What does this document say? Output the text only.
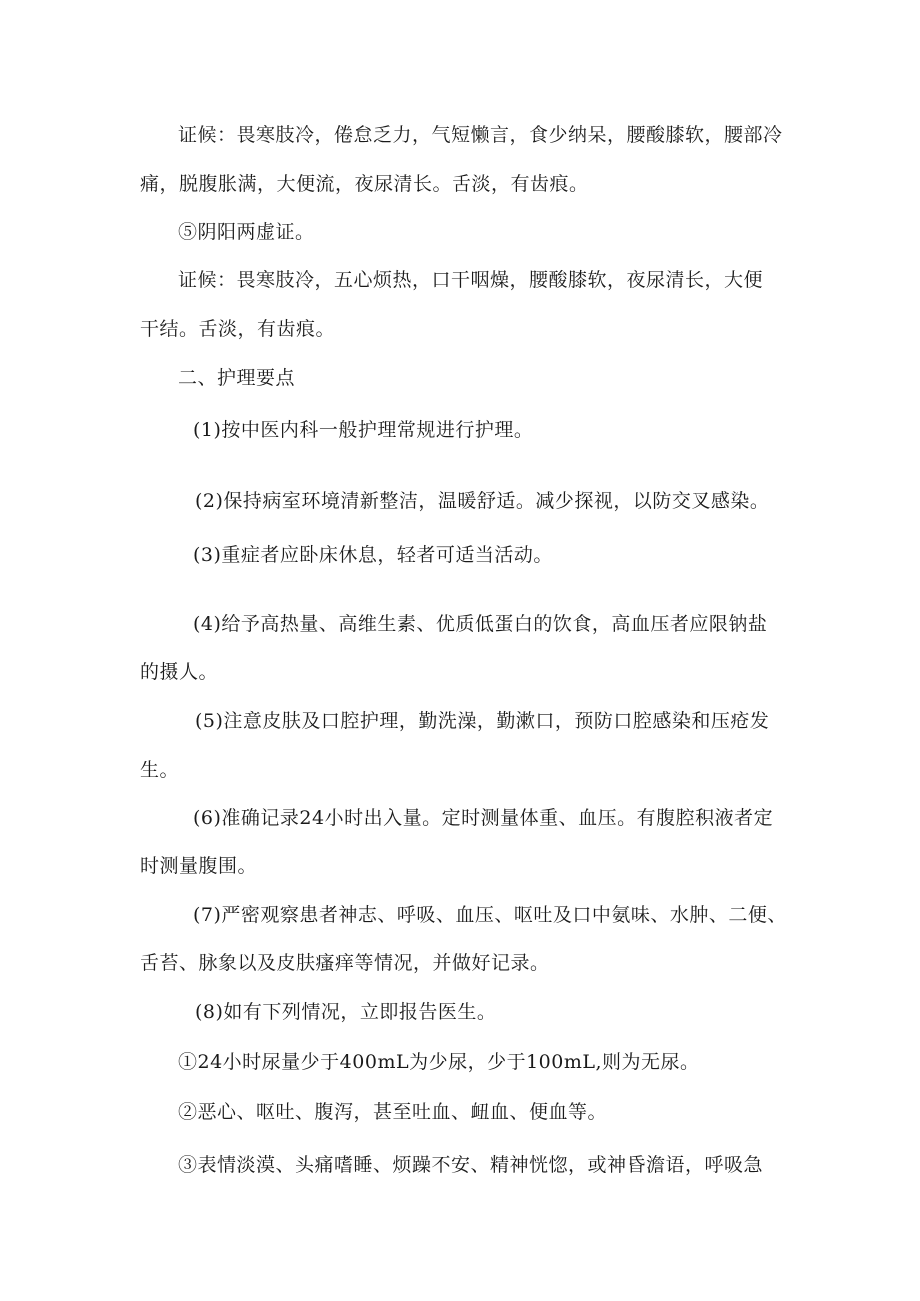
证候：畏寒肢冷，倦怠乏力，气短懒言，食少纳呆，腰酸膝软，腰部冷
痛，脱腹胀满，大便流，夜尿清长。舌淡，有齿痕。
⑤阴阳两虚证。
证候：畏寒肢冷，五心烦热，口干咽燥，腰酸膝软，夜尿清长，大便
干结。舌淡，有齿痕。
二、护理要点
(1)按中医内科一般护理常规进行护理。
(2)保持病室环境清新整洁，温暖舒适。减少探视，以防交叉感染。
(3)重症者应卧床休息，轻者可适当活动。
(4)给予高热量、高维生素、优质低蛋白的饮食，高血压者应限钠盐
的摄人。
(5)注意皮肤及口腔护理，勤洗澡，勤漱口，预防口腔感染和压疮发
生。
(6)准确记录24小时出入量。定时测量体重、血压。有腹腔积液者定
时测量腹围。
(7)严密观察患者神志、呼吸、血压、呕吐及口中氨味、水肿、二便、
舌苔、脉象以及皮肤瘙痒等情况，并做好记录。
(8)如有下列情况，立即报告医生。
①24小时尿量少于400mL为少尿，少于100mL,则为无尿。
②恶心、呕吐、腹泻，甚至吐血、衄血、便血等。
③表情淡漠、头痛嗜睡、烦躁不安、精神恍惚，或神昏澹语，呼吸急
